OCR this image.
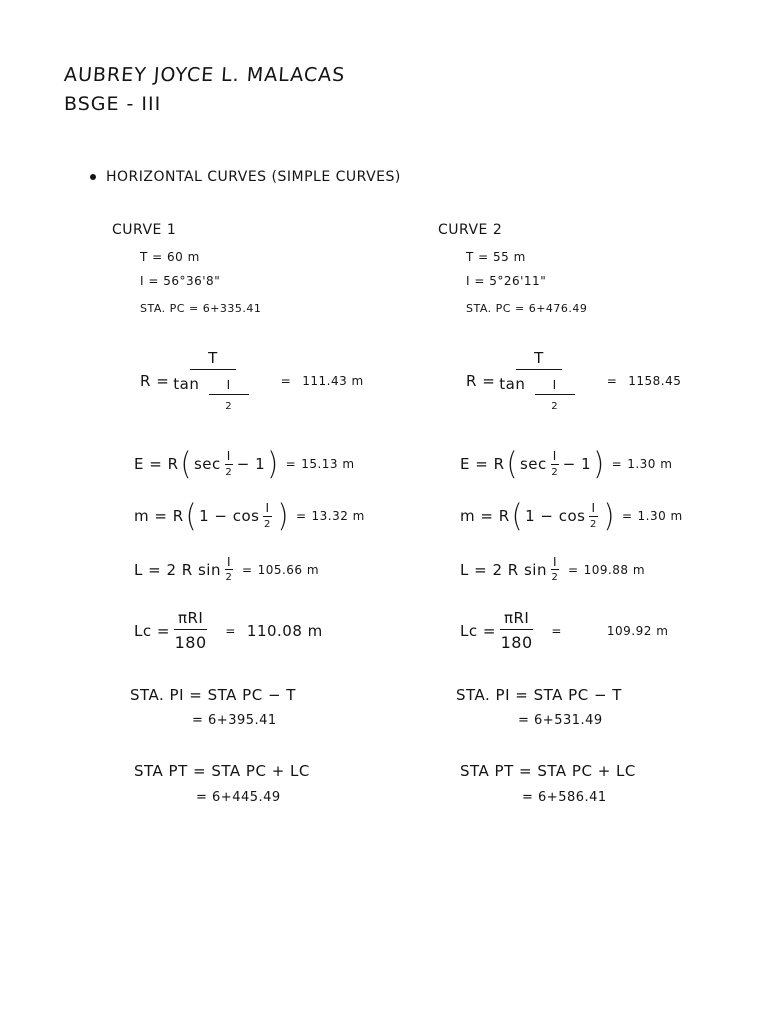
AUBREY JOYCE L. MALACAS
BSGE - III
HORIZONTAL CURVES (SIMPLE CURVES)
CURVE 1
T = 60 m
I = 56°36'8"
STA. PC = 6+335.41
$R = \frac{T}{\tan \frac{I}{2}} = 111.43$ m
E = R ( $\sec \frac{I}{2} - 1$ ) = 15.13 m
m = R ( $1 - \cos \frac{I}{2}$ ) = 13.32 m
L = 2 R $\sin \frac{I}{2} = 105.66$ m
$Lc = \frac{\text{πRI}}{180} = 110.08$ m
STA. PI = STA PC − T
= 6+395.41
STA PT = STA PC + LC
= 6+445.49
CURVE 2
T = 55 m
I = 5°26'11"
STA. PC = 6+476.49
$R = \frac{T}{\tan \frac{I}{2}} = 1158.45$
E = R ( $\sec \frac{I}{2} - 1$ ) = 1.30 m
m = R ( $1 - \cos \frac{I}{2}$ ) = 1.30 m
L = 2 R $\sin \frac{I}{2} = 109.88$ m
$Lc = \frac{\text{πRI}}{180}$ =	109.92 m
STA. PI = STA PC − T
= 6+531.49
STA PT = STA PC + LC
= 6+586.41
